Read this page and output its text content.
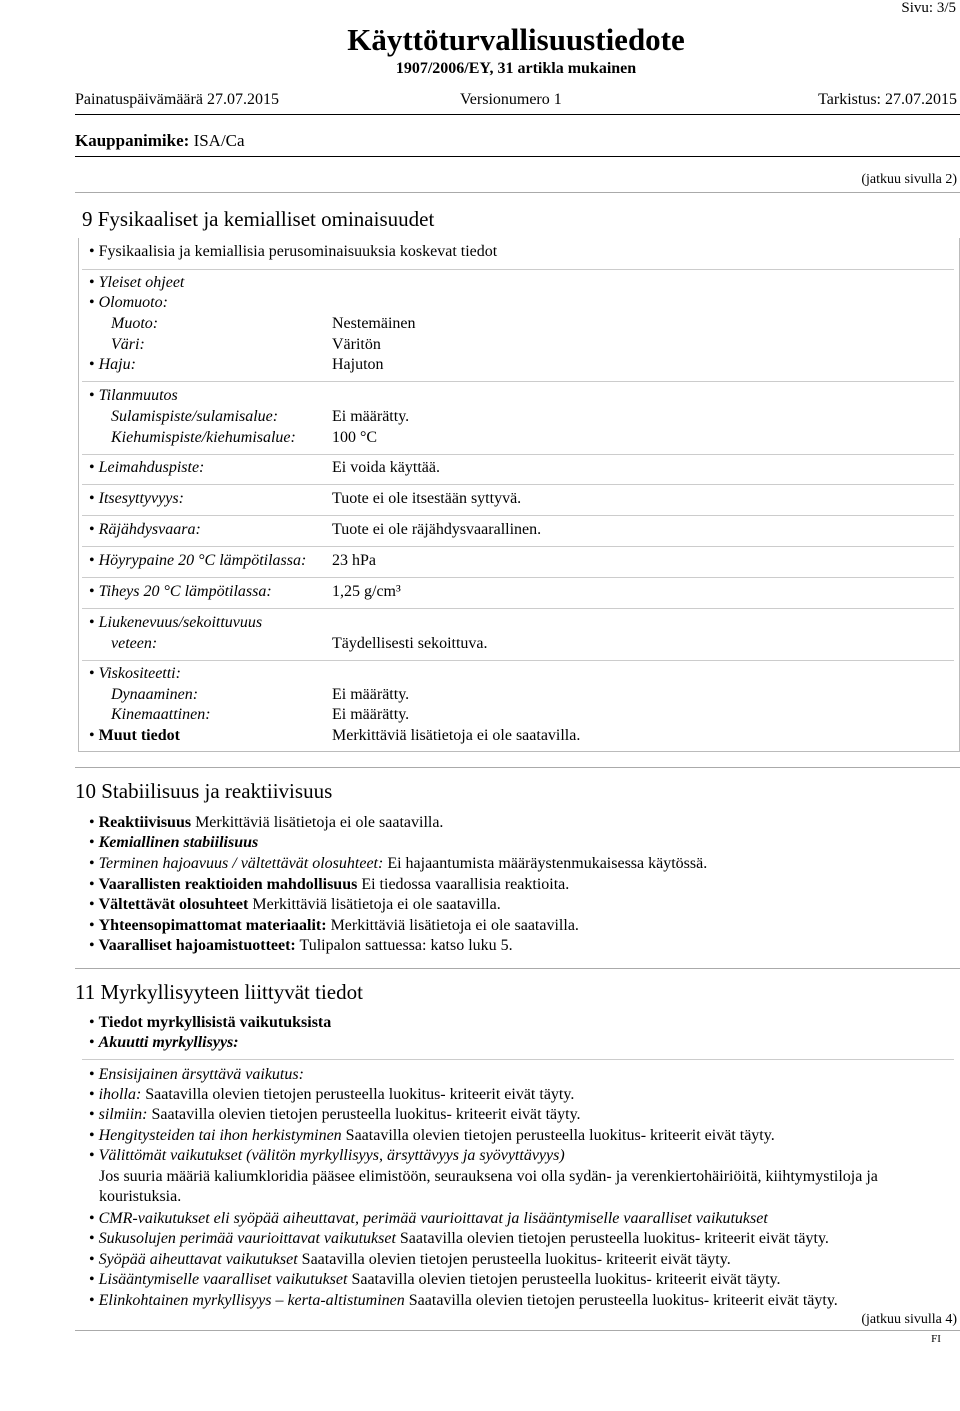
Sivu: 3/5
Käyttöturvallisuustiedote
1907/2006/EY, 31 artikla mukainen
Painatuspäivämäärä 27.07.2015	Versionumero 1	Tarkistus: 27.07.2015
Kauppanimike: ISA/Ca
(jatkuu sivulla 2)
9 Fysikaaliset ja kemialliset ominaisuudet
• Fysikaalisia ja kemiallisia perusominaisuuksia koskevat tiedot
• Yleiset ohjeet
• Olomuoto:
Muoto:	Nestemäinen
Väri:	Väritön
• Haju:	Hajuton
• Tilanmuutos
Sulamispiste/sulamisalue:	Ei määrätty.
Kiehumispiste/kiehumisalue: 100 °C
• Leimahduspiste:	Ei voida käyttää.
• Itsesyttyvyys:	Tuote ei ole itsestään syttyvä.
• Räjähdysvaara:	Tuote ei ole räjähdysvaarallinen.
• Höyrypaine 20 °C lämpötilassa: 23 hPa
• Tiheys 20 °C lämpötilassa:	1,25 g/cm³
• Liukenevuus/sekoittuvuus
veteen:	Täydellisesti sekoittuva.
• Viskositeetti:
Dynaaminen:	Ei määrätty.
Kinemaattinen:	Ei määrätty.
• Muut tiedot	Merkittäviä lisätietoja ei ole saatavilla.
10 Stabiilisuus ja reaktiivisuus
• Reaktiivisuus Merkittäviä lisätietoja ei ole saatavilla.
• Kemiallinen stabiilisuus
• Terminen hajoavuus / vältettävät olosuhteet: Ei hajaantumista määräystenmukaisessa käytössä.
• Vaarallisten reaktioiden mahdollisuus Ei tiedossa vaarallisia reaktioita.
• Vältettävät olosuhteet Merkittäviä lisätietoja ei ole saatavilla.
• Yhteensopimattomat materiaalit: Merkittäviä lisätietoja ei ole saatavilla.
• Vaaralliset hajoamistuotteet: Tulipalon sattuessa: katso luku 5.
11 Myrkyllisyyteen liittyvät tiedot
• Tiedot myrkyllisistä vaikutuksista
• Akuutti myrkyllisyys:
• Ensisijainen ärsyttävä vaikutus:
• iholla: Saatavilla olevien tietojen perusteella luokitus- kriteerit eivät täyty.
• silmiin: Saatavilla olevien tietojen perusteella luokitus- kriteerit eivät täyty.
• Hengitysteiden tai ihon herkistyminen Saatavilla olevien tietojen perusteella luokitus- kriteerit eivät täyty.
• Välittömät vaikutukset (välitön myrkyllisyys, ärsyttävyys ja syövyttävyys)
Jos suuria määriä kaliumkloridia pääsee elimistöön, seurauksena voi olla sydän- ja verenkiertohäiriöitä, kiihtymystiloja ja kouristuksia.
• CMR-vaikutukset eli syöpää aiheuttavat, perimää vaurioittavat ja lisääntymiselle vaaralliset vaikutukset
• Sukusolujen perimää vaurioittavat vaikutukset Saatavilla olevien tietojen perusteella luokitus- kriteerit eivät täyty.
• Syöpää aiheuttavat vaikutukset Saatavilla olevien tietojen perusteella luokitus- kriteerit eivät täyty.
• Lisääntymiselle vaaralliset vaikutukset Saatavilla olevien tietojen perusteella luokitus- kriteerit eivät täyty.
• Elinkohtainen myrkyllisyys – kerta-altistuminen Saatavilla olevien tietojen perusteella luokitus- kriteerit eivät täyty.
(jatkuu sivulla 4)
FI
